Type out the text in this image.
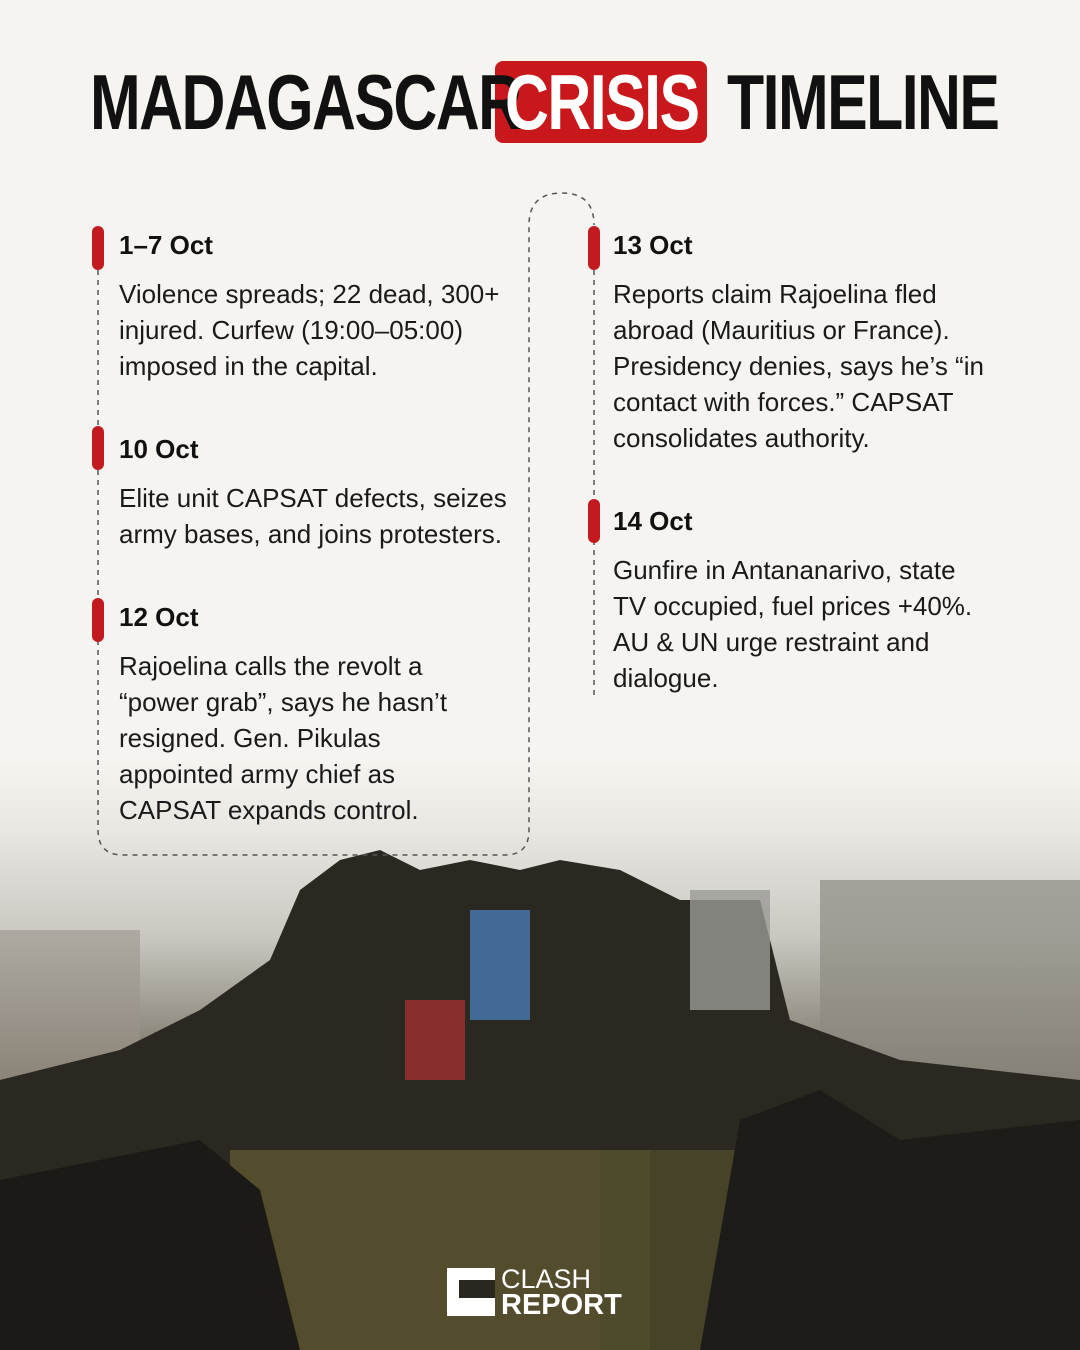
MADAGASCAR
CRISIS TIMELINE
1–7 Oct
Violence spreads; 22 dead, 300+ injured. Curfew (19:00–05:00) imposed in the capital.
10 Oct
Elite unit CAPSAT defects, seizes army bases, and joins protesters.
12 Oct
Rajoelina calls the revolt a “power grab”, says he hasn’t resigned. Gen. Pikulas appointed army chief as CAPSAT expands control.
13 Oct
Reports claim Rajoelina fled abroad (Mauritius or France). Presidency denies, says he’s “in contact with forces.” CAPSAT consolidates authority.
14 Oct
Gunfire in Antananarivo, state TV occupied, fuel prices +40%. AU & UN urge restraint and dialogue.
CLASH
REPORT
